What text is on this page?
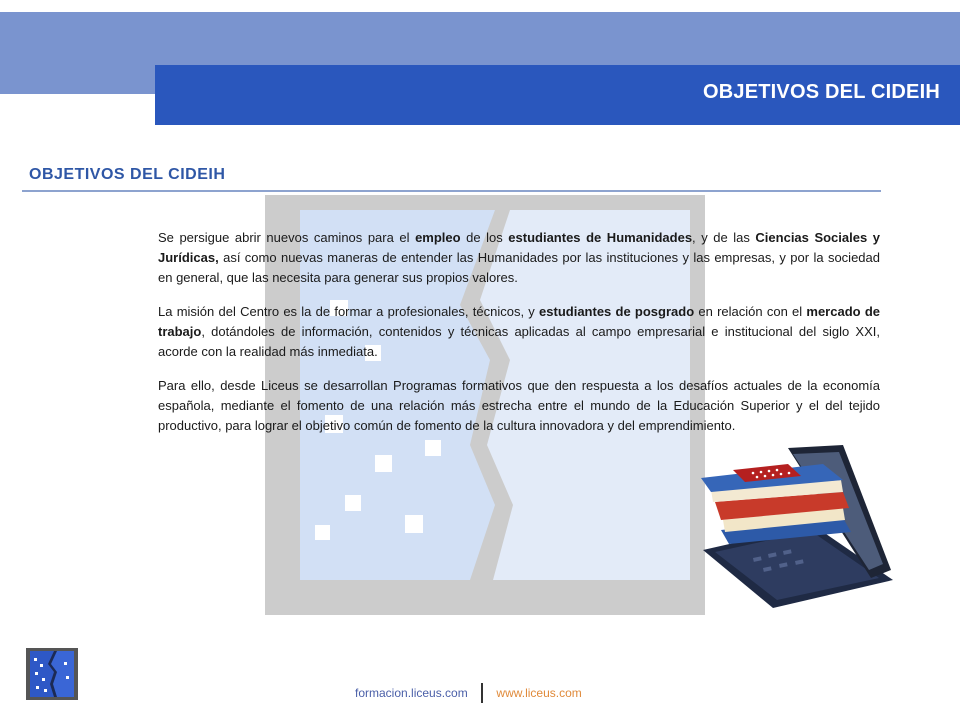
OBJETIVOS DEL CIDEIH
OBJETIVOS DEL CIDEIH

Se persigue abrir nuevos caminos para el empleo de los estudiantes de Humanidades, y de las Ciencias Sociales y Jurídicas, así como nuevas maneras de entender las Humanidades por las instituciones y las empresas, y por la sociedad en general, que las necesita para generar sus propios valores.

La misión del Centro es la de formar a profesionales, técnicos, y estudiantes de posgrado en relación con el mercado de trabajo, dotándoles de información, contenidos y técnicas aplicadas al campo empresarial e institucional del siglo XXI, acorde con la realidad más inmediata.

Para ello, desde Liceus se desarrollan Programas formativos que den respuesta a los desafíos actuales de la economía española, mediante el fomento de una relación más estrecha entre el mundo de la Educación Superior y el del tejido productivo, para lograr el objetivo común de fomento de la cultura innovadora y del emprendimiento.

formacion.liceus.com www.liceus.com
